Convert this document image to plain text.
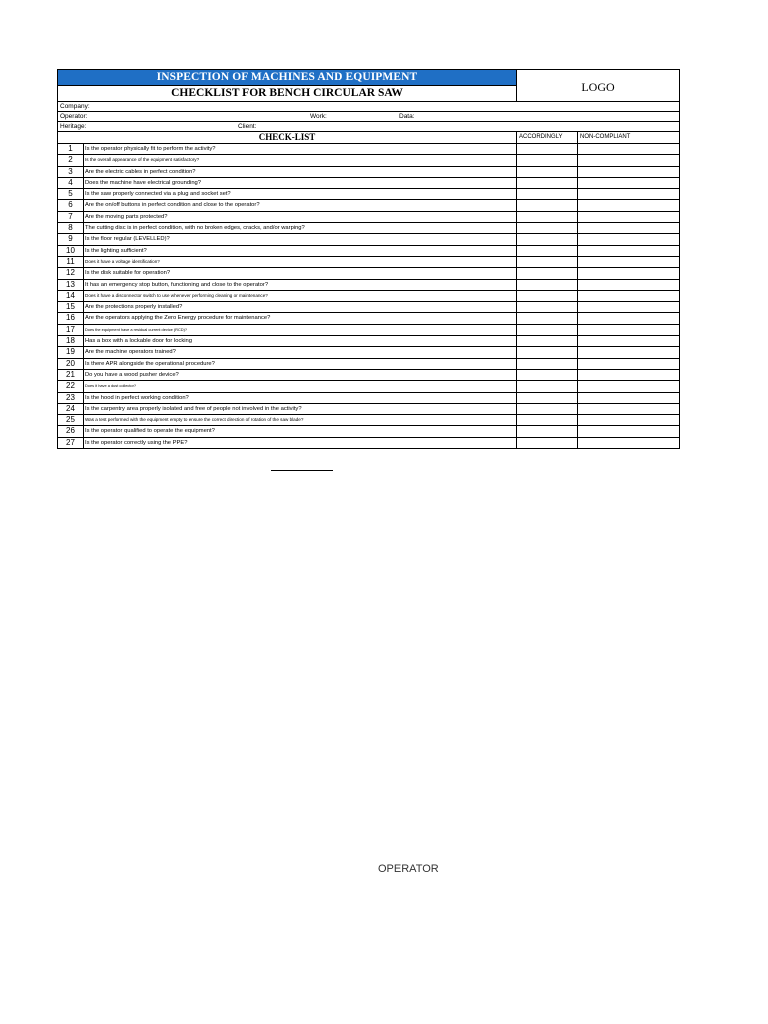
INSPECTION OF MACHINES AND EQUIPMENT
CHECKLIST FOR BENCH CIRCULAR SAW	LOGO
Company:
Operator:	Work:	Data:
Heritage:	Client:
CHECK-LIST	ACCORDINGLY	NON-COMPLIANT
1	Is the operator physically fit to perform the activity?
2	Is the overall appearance of the equipment satisfactory?
3	Are the electric cables in perfect condition?
4	Does the machine have electrical grounding?
5	Is the saw properly connected via a plug and socket set?
6	Are the on/off buttons in perfect condition and close to the operator?
7	Are the moving parts protected?
8	The cutting disc is in perfect condition, with no broken edges, cracks, and/or warping?
9	Is the floor regular (LEVELLED)?
10	Is the lighting sufficient?
11	Does it have a voltage identification?
12	Is the disk suitable for operation?
13	It has an emergency stop button, functioning and close to the operator?
14	Does it have a disconnector switch to use whenever performing cleaning or maintenance?
15	Are the protections properly installed?
16	Are the operators applying the Zero Energy procedure for maintenance?
17	Does the equipment have a residual current device (RCD)?
18	Has a box with a lockable door for locking
19	Are the machine operators trained?
20	Is there APR alongside the operational procedure?
21	Do you have a wood pusher device?
22	Does it have a dust collector?
23	Is the hood in perfect working condition?
24	Is the carpentry area properly isolated and free of people not involved in the activity?
25	Was a test performed with the equipment empty to ensure the correct direction of rotation of the saw blade?
26	Is the operator qualified to operate the equipment?
27	Is the operator correctly using the PPE?
OPERATOR
